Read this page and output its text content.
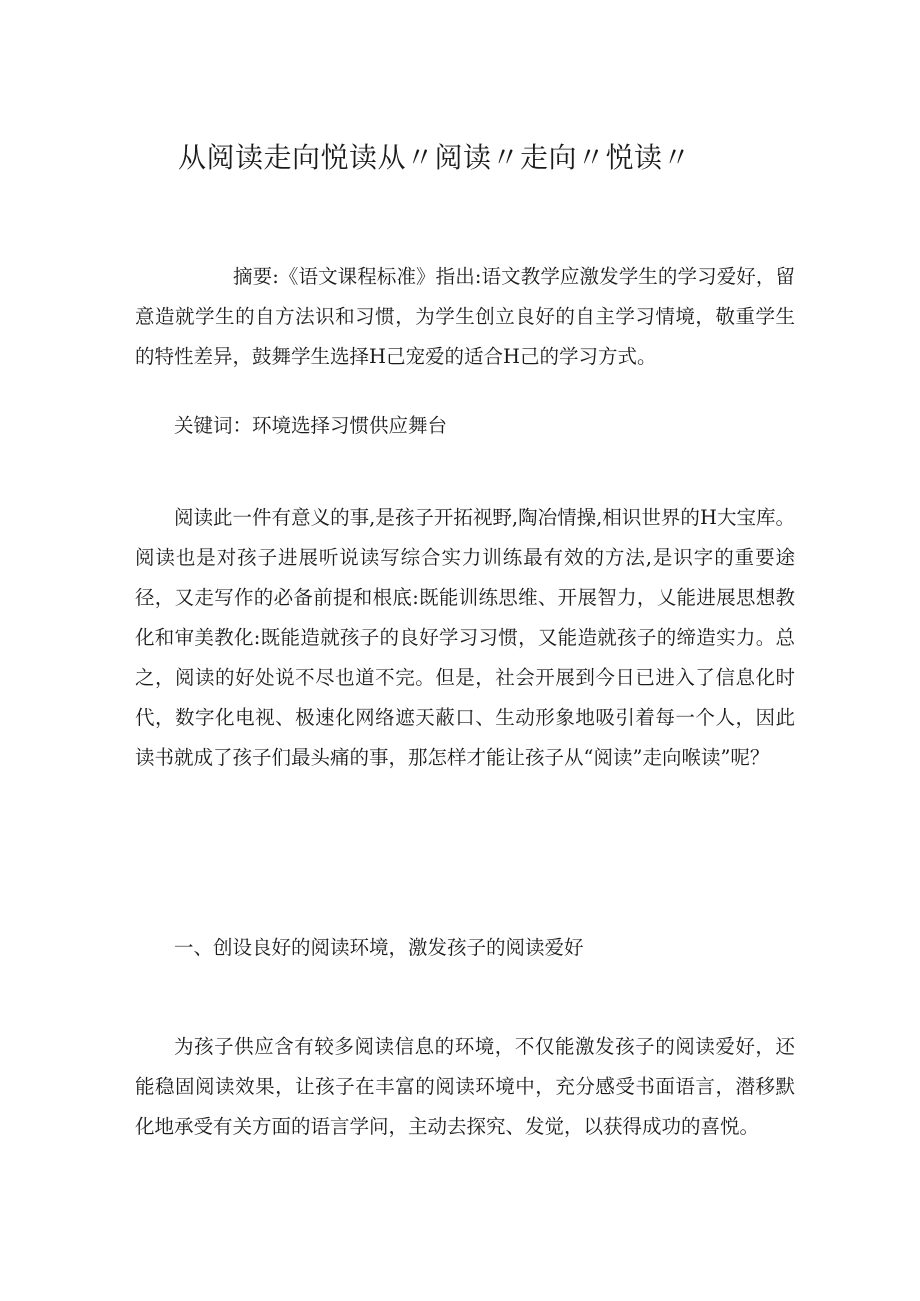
从阅读走向悦读从〃阅读〃走向〃悦读〃

摘要:《语文课程标准》指出:语文教学应激发学生的学习爱好，留意造就学生的自方法识和习惯，为学生创立良好的自主学习情境，敬重学生的特性差异，鼓舞学生选择H己宠爱的适合H己的学习方式。

关键词：环境选择习惯供应舞台

阅读此一件有意义的事,是孩子开拓视野,陶冶情操,相识世界的H大宝库。阅读也是对孩子进展听说读写综合实力训练最有效的方法,是识字的重要途径，又走写作的必备前提和根底:既能训练思维、开展智力，乂能进展思想教化和审美教化:既能造就孩子的良好学习习惯，又能造就孩子的缔造实力。总之，阅读的好处说不尽也道不完。但是，社会开展到今日已进入了信息化时代，数字化电视、极速化网络遮天蔽口、生动形象地吸引着每一个人，因此读书就成了孩子们最头痛的事，那怎样才能让孩子从“阅读”走向喉读”呢？

一、创设良好的阅读环境，激发孩子的阅读爱好

为孩子供应含有较多阅读信息的环境，不仅能激发孩子的阅读爱好，还能稳固阅读效果，让孩子在丰富的阅读环境中，充分感受书面语言，潜移默化地承受有关方面的语言学问，主动去探究、发觉，以获得成功的喜悦。
